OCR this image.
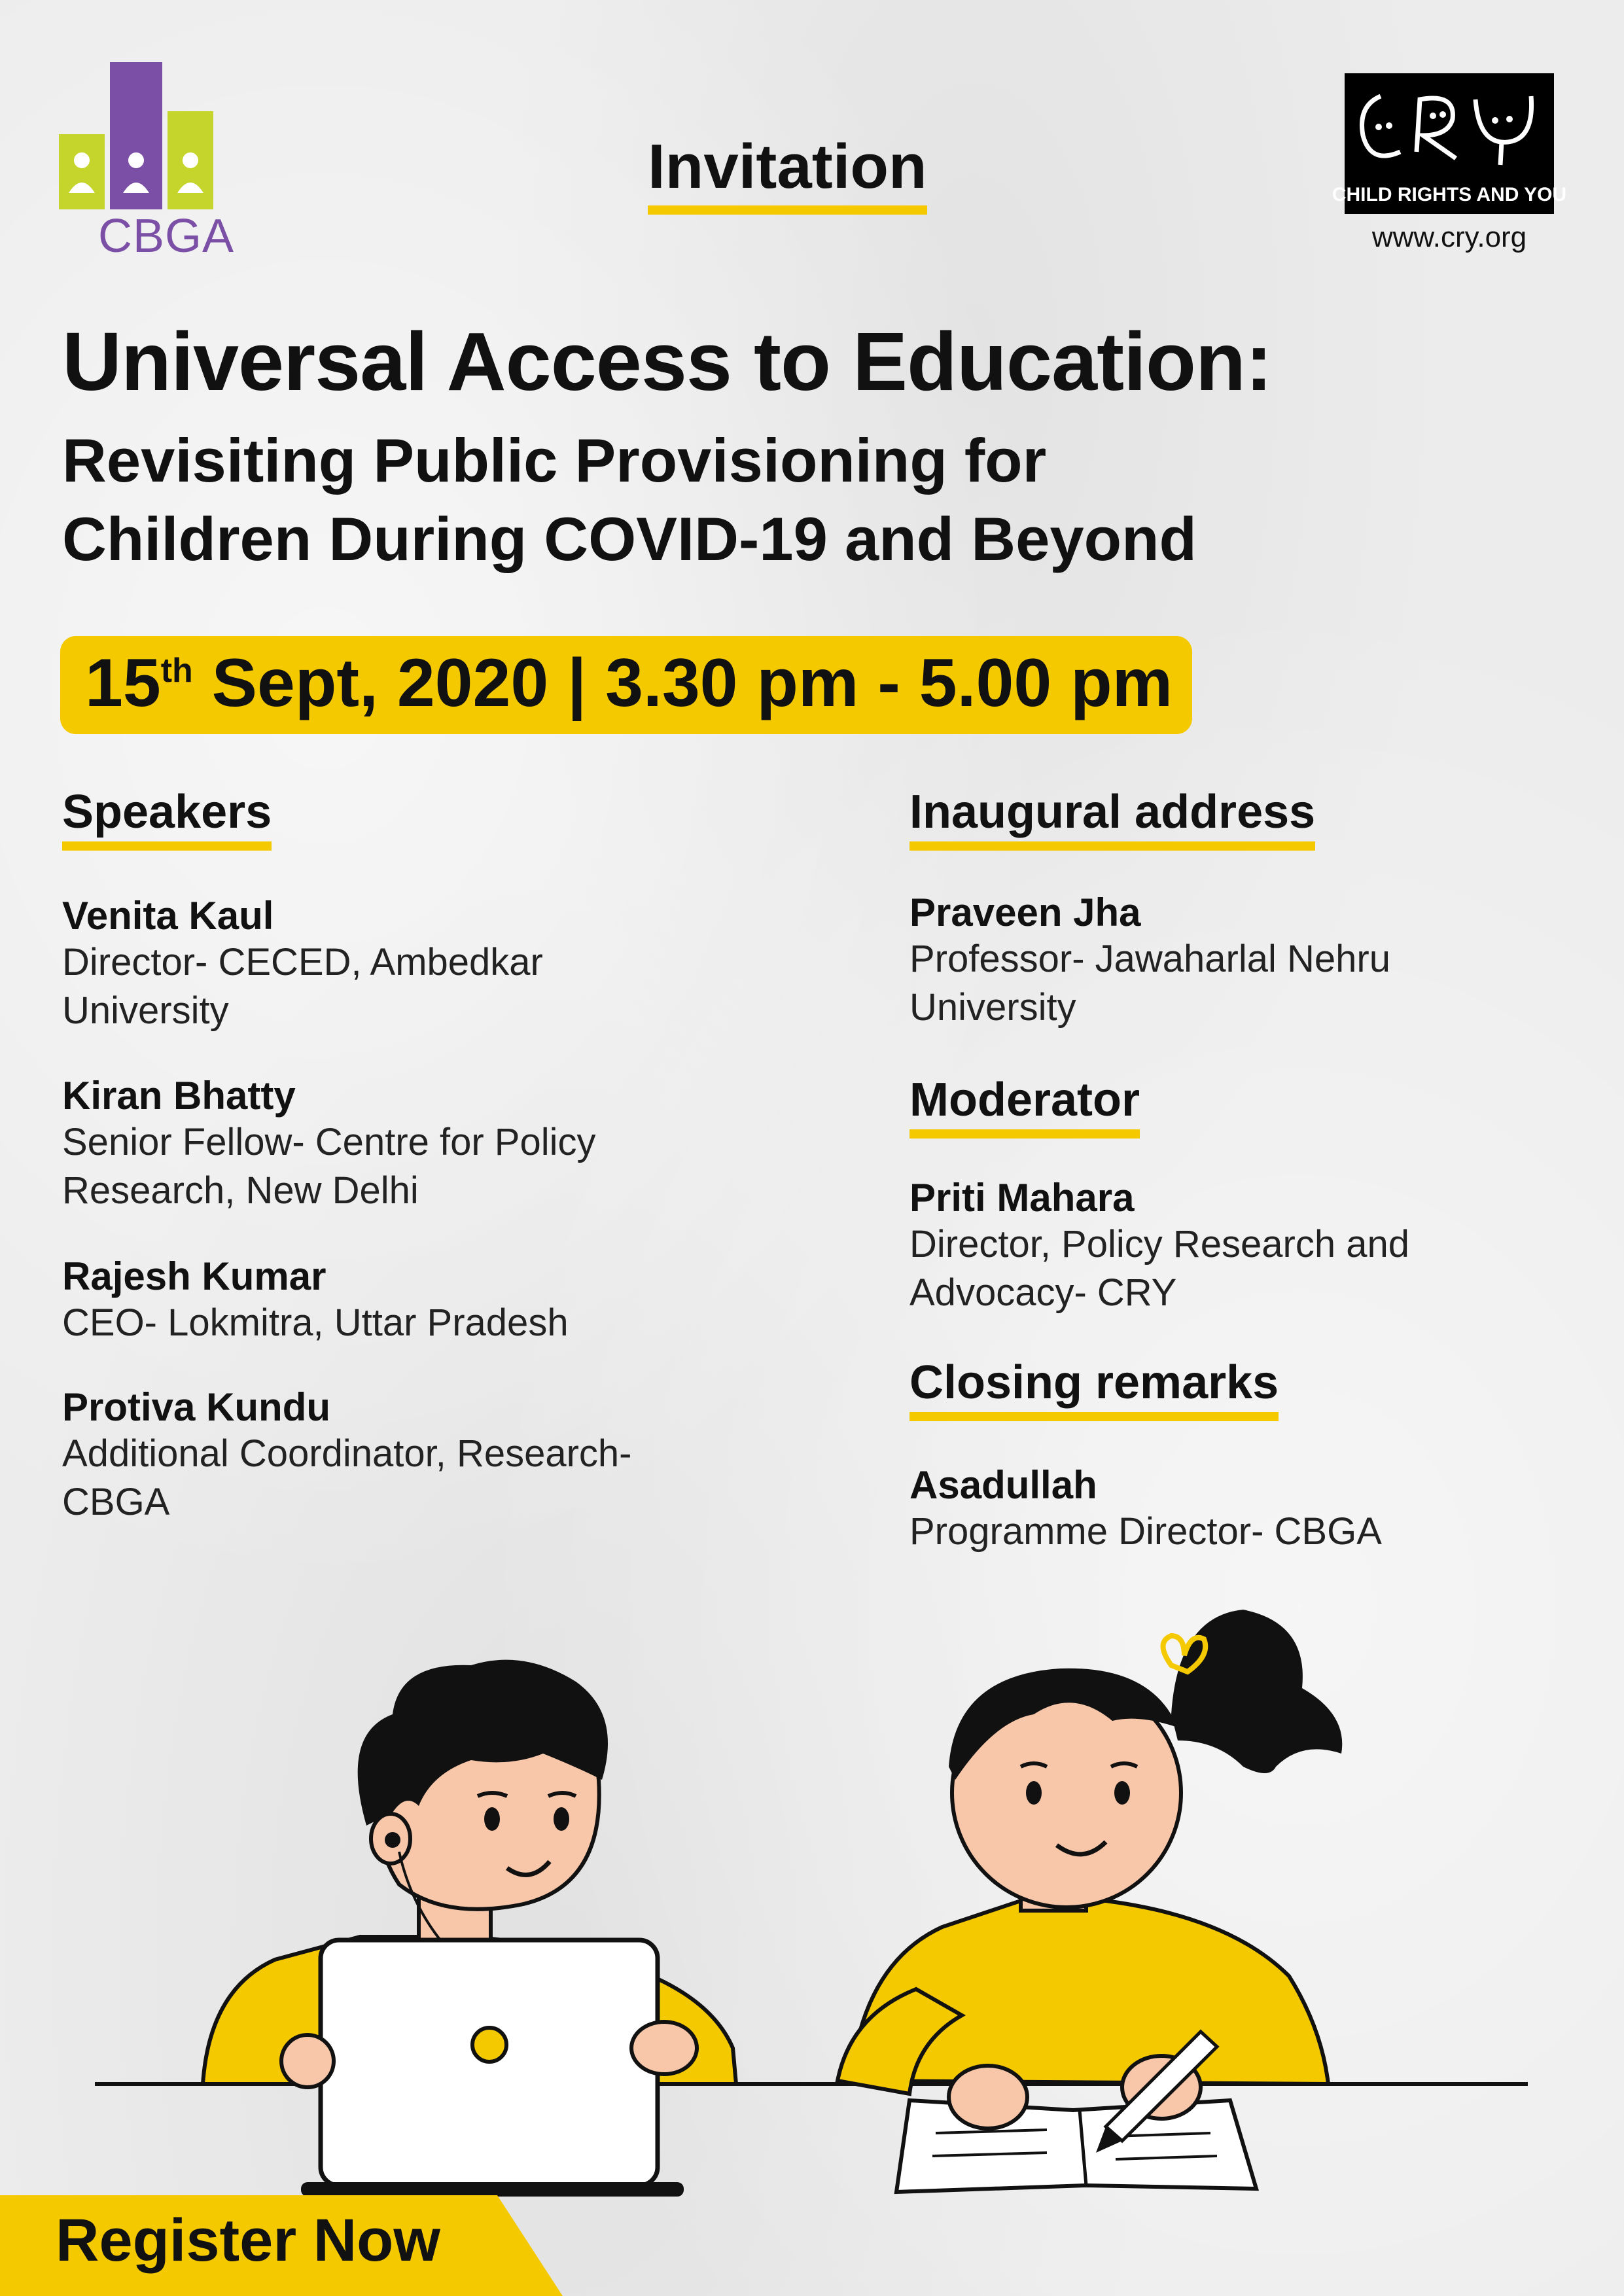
CBGA
CHILD RIGHTS AND YOU
www.cry.org
Invitation
Universal Access to Education:
Revisiting Public Provisioning for
Children During COVID-19 and Beyond
15th Sept, 2020 | 3.30 pm - 5.00 pm
Speakers
Venita Kaul
Director- CECED, Ambedkar
University
Kiran Bhatty
Senior Fellow- Centre for Policy
Research, New Delhi
Rajesh Kumar
CEO- Lokmitra, Uttar Pradesh
Protiva Kundu
Additional Coordinator, Research-
CBGA
Inaugural address
Praveen Jha
Professor- Jawaharlal Nehru
University
Moderator
Priti Mahara
Director, Policy Research and
Advocacy- CRY
Closing remarks
Asadullah
Programme Director- CBGA
Register Now
